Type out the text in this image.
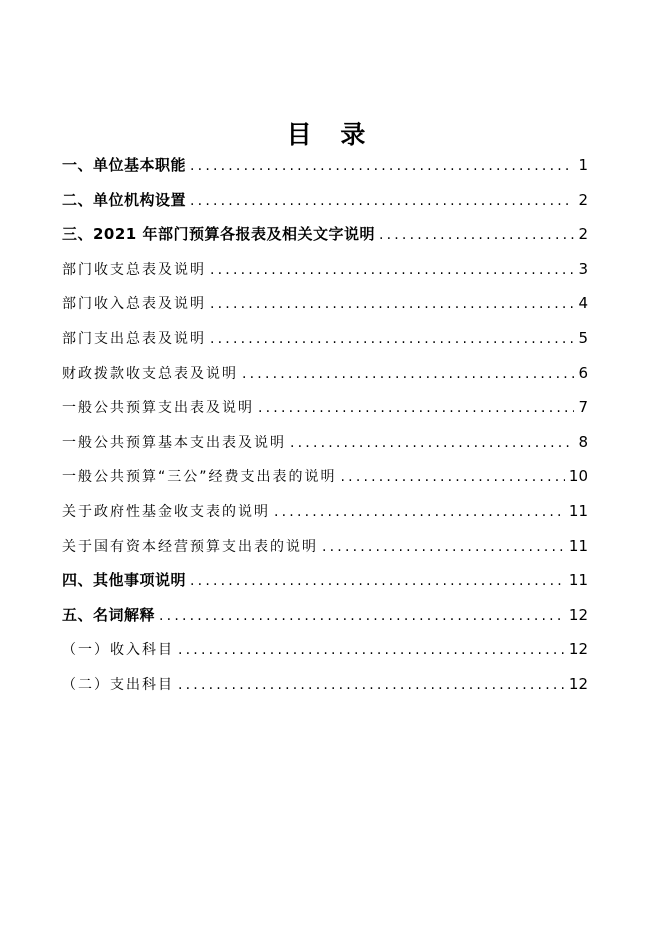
目 录
一、单位基本职能 .....	1
二、单位机构设置 .....	2
三、2021 年部门预算各报表及相关文字说明 .....	2
部门收支总表及说明 .....	3
部门收入总表及说明 .....	4
部门支出总表及说明 .....	5
财政拨款收支总表及说明 .....	6
一般公共预算支出表及说明 .....	7
一般公共预算基本支出表及说明 .....	8
一般公共预算“三公”经费支出表的说明 .....	10
关于政府性基金收支表的说明 .....	11
关于国有资本经营预算支出表的说明 .....	11
四、其他事项说明 .....	11
五、名词解释 .....	12
（一）收入科目 .....	12
（二）支出科目 .....	12
